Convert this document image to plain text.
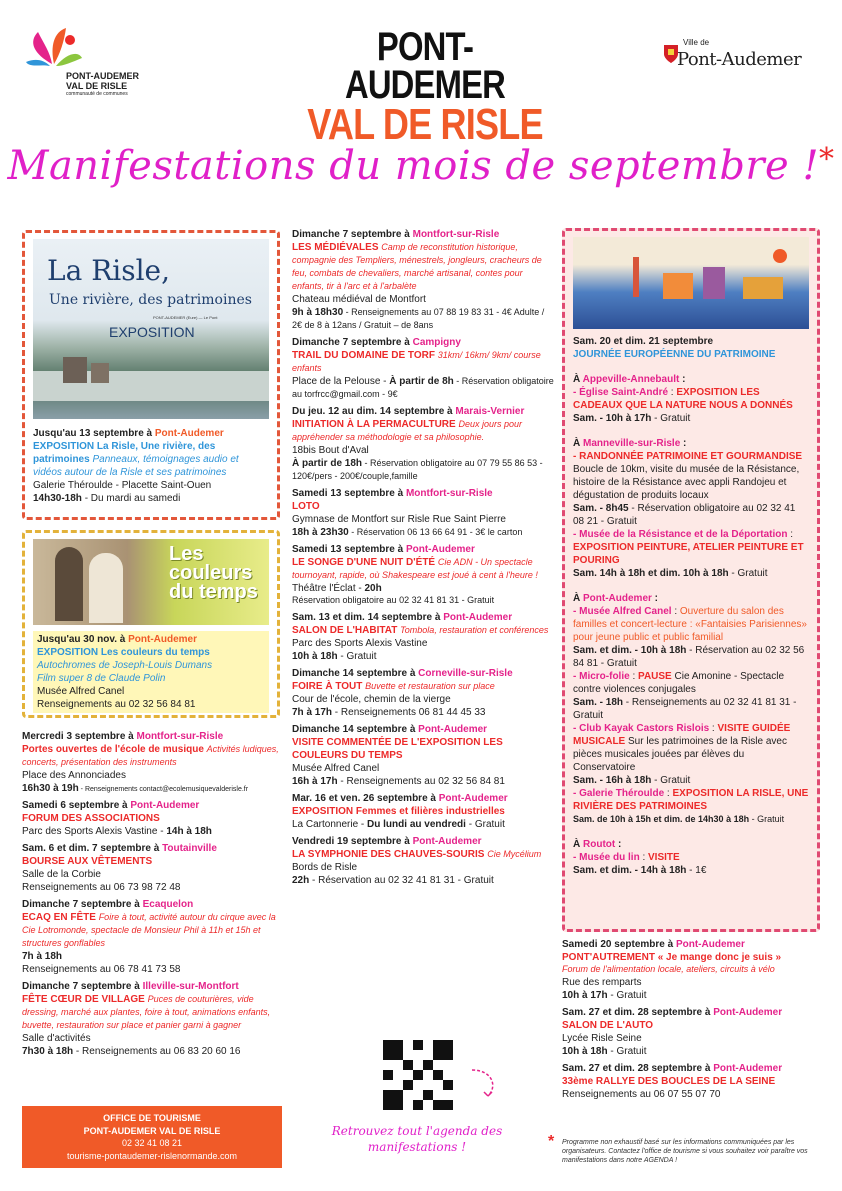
PONT-AUDEMER
VAL DE RISLE
communauté de communes
PONT-AUDEMER
VAL DE RISLE
Ville de
Pont-Audemer
Manifestations du mois de septembre !*
La Risle,
Une rivière, des patrimoines
EXPOSITION
PONT-AUDEMER (Eure) — Le Pont

Jusqu'au 13 septembre à Pont-Audemer

EXPOSITION La Risle, Une rivière, des patrimoines Panneaux, témoignages audio et vidéos autour de la Risle et ses patrimoines

Galerie Théroulde - Placette Saint-Ouen

14h30-18h - Du mardi au samedi

Les couleurs du temps

Jusqu'au 30 nov. à Pont-Audemer

EXPOSITION Les couleurs du temps

Autochromes de Joseph-Louis Dumans

Film super 8 de Claude Polin

Musée Alfred Canel

Renseignements au 02 32 56 84 81

Mercredi 3 septembre à Montfort-sur-Risle

Portes ouvertes de l'école de musique Activités ludiques, concerts, présentation des instruments

Place des Annonciades

16h30 à 19h - Renseignements contact@ecolemusiquevalderisle.fr

Samedi 6 septembre à Pont-Audemer

FORUM DES ASSOCIATIONS

Parc des Sports Alexis Vastine - 14h à 18h

Sam. 6 et dim. 7 septembre à Toutainville

BOURSE AUX VÊTEMENTS

Salle de la Corbie

Renseignements au 06 73 98 72 48

Dimanche 7 septembre à Ecaquelon

ECAQ EN FÊTE Foire à tout, activité autour du cirque avec la Cie Lotromonde, spectacle de Monsieur Phil à 11h et 15h et structures gonflables

7h à 18h

Renseignements au 06 78 41 73 58

Dimanche 7 septembre à Illeville-sur-Montfort

FÊTE CŒUR DE VILLAGE Puces de couturières, vide dressing, marché aux plantes, foire à tout, animations enfants, buvette, restauration sur place et panier garni à gagner

Salle d'activités

7h30 à 18h - Renseignements au 06 83 20 60 16

OFFICE DE TOURISME
PONT-AUDEMER VAL DE RISLE
02 32 41 08 21
tourisme-pontaudemer-rislenormande.com

Dimanche 7 septembre à Montfort-sur-Risle

LES MÉDIÉVALES Camp de reconstitution historique, compagnie des Templiers, ménestrels, jongleurs, cracheurs de feu, combats de chevaliers, marché artisanal, contes pour enfants, tir à l'arc et à l'arbalète

Chateau médiéval de Montfort

9h à 18h30 - Renseignements au 07 88 19 83 31 - 4€ Adulte / 2€ de 8 à 12ans / Gratuit – de 8ans

Dimanche 7 septembre à Campigny

TRAIL DU DOMAINE DE TORF 31km/ 16km/ 9km/ course enfants

Place de la Pelouse - À partir de 8h - Réservation obligatoire au torfrcc@gmail.com - 9€

Du jeu. 12 au dim. 14 septembre à Marais-Vernier

INITIATION À LA PERMACULTURE Deux jours pour appréhender sa méthodologie et sa philosophie.

18bis Bout d'Aval

À partir de 18h - Réservation obligatoire au 07 79 55 86 53 - 120€/pers - 200€/couple,famille

Samedi 13 septembre à Montfort-sur-Risle

LOTO

Gymnase de Montfort sur Risle Rue Saint Pierre

18h à 23h30 - Réservation 06 13 66 64 91 - 3€ le carton

Samedi 13 septembre à Pont-Audemer

LE SONGE D'UNE NUIT D'ÉTÉ Cie ADN - Un spectacle tournoyant, rapide, où Shakespeare est joué à cent à l'heure !

Théâtre l'Éclat - 20h

Réservation obligatoire au 02 32 41 81 31 - Gratuit

Sam. 13 et dim. 14 septembre à Pont-Audemer

SALON DE L'HABITAT Tombola, restauration et conférences

Parc des Sports Alexis Vastine

10h à 18h - Gratuit

Dimanche 14 septembre à Corneville-sur-Risle

FOIRE À TOUT Buvette et restauration sur place

Cour de l'école, chemin de la vierge

7h à 17h - Renseignements 06 81 44 45 33

Dimanche 14 septembre à Pont-Audemer

VISITE COMMENTÉE DE L'EXPOSITION LES COULEURS DU TEMPS

Musée Alfred Canel

16h à 17h - Renseignements au 02 32 56 84 81

Mar. 16 et ven. 26 septembre à Pont-Audemer

EXPOSITION Femmes et filières industrielles

La Cartonnerie - Du lundi au vendredi - Gratuit

Vendredi 19 septembre à Pont-Audemer

LA SYMPHONIE DES CHAUVES-SOURIS Cie Mycélium

Bords de Risle

22h - Réservation au 02 32 41 81 31 - Gratuit

Retrouvez tout l'agenda des manifestations !

Sam. 20 et dim. 21 septembre

JOURNÉE EUROPÉENNE DU PATRIMOINE

À Appeville-Annebault :

- Église Saint-André : EXPOSITION LES CADEAUX QUE LA NATURE NOUS A DONNÉS

Sam. - 10h à 17h - Gratuit

À Manneville-sur-Risle :

- RANDONNÉE PATRIMOINE ET GOURMANDISE Boucle de 10km, visite du musée de la Résistance, histoire de la Résistance avec appli Randojeu et dégustation de produits locaux

Sam. - 8h45 - Réservation obligatoire au 02 32 41 08 21 - Gratuit

- Musée de la Résistance et de la Déportation : EXPOSITION PEINTURE, ATELIER PEINTURE ET POURING

Sam. 14h à 18h et dim. 10h à 18h - Gratuit

À Pont-Audemer :

- Musée Alfred Canel : Ouverture du salon des familles et concert-lecture : «Fantaisies Parisiennes» pour jeune public et public familial

Sam. et dim. - 10h à 18h - Réservation au 02 32 56 84 81 - Gratuit

- Micro-folie : PAUSE Cie Amonine - Spectacle contre violences conjugales

Sam. - 18h - Renseignements au 02 32 41 81 31 - Gratuit

- Club Kayak Castors Rislois : VISITE GUIDÉE MUSICALE Sur les patrimoines de la Risle avec pièces musicales jouées par élèves du Conservatoire

Sam. - 16h à 18h - Gratuit

- Galerie Théroulde : EXPOSITION LA RISLE, UNE RIVIÈRE DES PATRIMOINES

Sam. de 10h à 15h et dim. de 14h30 à 18h - Gratuit

À Routot :

- Musée du lin : VISITE

Sam. et dim. - 14h à 18h - 1€

Samedi 20 septembre à Pont-Audemer

PONT'AUTREMENT « Je mange donc je suis »

Forum de l'alimentation locale, ateliers, circuits à vélo

Rue des remparts

10h à 17h - Gratuit

Sam. 27 et dim. 28 septembre à Pont-Audemer

SALON DE L'AUTO

Lycée Risle Seine

10h à 18h - Gratuit

Sam. 27 et dim. 28 septembre à Pont-Audemer

33ème RALLYE DES BOUCLES DE LA SEINE

Renseignements au 06 07 55 07 70

* Programme non exhaustif basé sur les informations communiquées par les organisateurs. Contactez l'office de tourisme si vous souhaitez voir paraître vos manifestations dans notre AGENDA !
